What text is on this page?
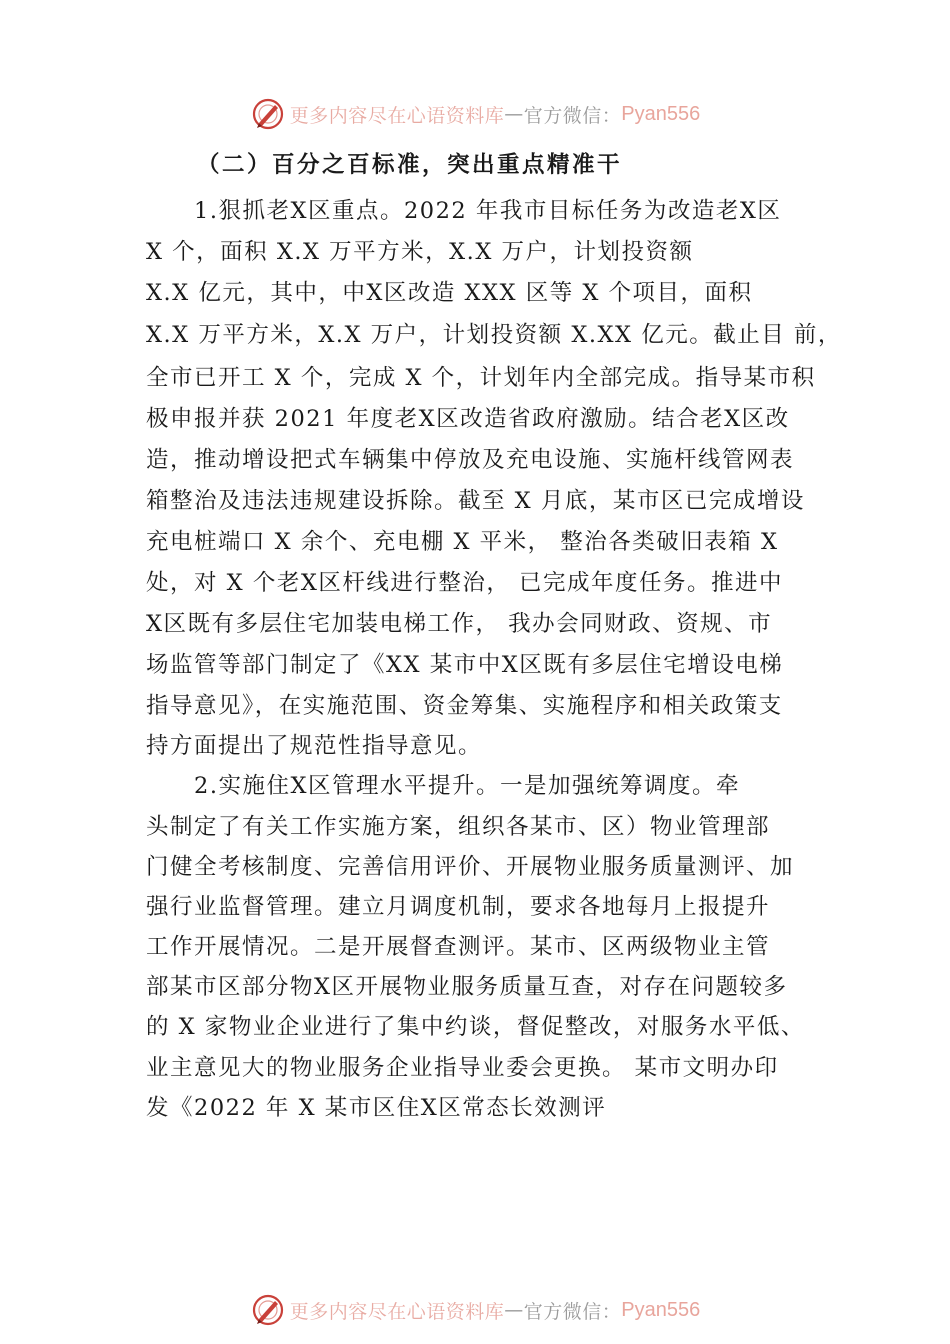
更多内容尽在心语资料库 — 官方微信： Pyan556
（二）百分之百标准，突出重点精准干
1.狠抓老Ⅹ区重点。2022 年我市目标任务为改造老Ⅹ区
X 个，面积 X.X 万平方米，X.X 万户，计划投资额
X.X 亿元，其中，中Ⅹ区改造 XXX 区等 X 个项目，面积
X.X 万平方米，X.X 万户，计划投资额 X.XX 亿元。截止目 前，
全市已开工 X 个，完成 X 个，计划年内全部完成。指导某市积
极申报并获 2021 年度老Ⅹ区改造省政府激励。结合老Ⅹ区改
造，推动增设把式车辆集中停放及充电设施、实施杆线管网表
箱整治及违法违规建设拆除。截至 X 月底，某市区已完成增设
充电桩端口 X 余个、充电棚 X 平米， 整治各类破旧表箱 X
处，对 X 个老Ⅹ区杆线进行整治， 已完成年度任务。推进中
Ⅹ区既有多层住宅加装电梯工作， 我办会同财政、资规、市
场监管等部门制定了《XX 某市中Ⅹ区既有多层住宅增设电梯
指导意见》，在实施范围、资金筹集、实施程序和相关政策支
持方面提出了规范性指导意见。
2.实施住Ⅹ区管理水平提升。一是加强统筹调度。牵
头制定了有关工作实施方案，组织各某市、区）物业管理部
门健全考核制度、完善信用评价、开展物业服务质量测评、加
强行业监督管理。建立月调度机制，要求各地每月上报提升
工作开展情况。二是开展督查测评。某市、区两级物业主管
部某市区部分物Ⅹ区开展物业服务质量互查，对存在问题较多
的 X 家物业企业进行了集中约谈，督促整改，对服务水平低、
业主意见大的物业服务企业指导业委会更换。 某市文明办印
发《2022 年 X 某市区住Ⅹ区常态长效测评
更多内容尽在心语资料库 — 官方微信： Pyan556
